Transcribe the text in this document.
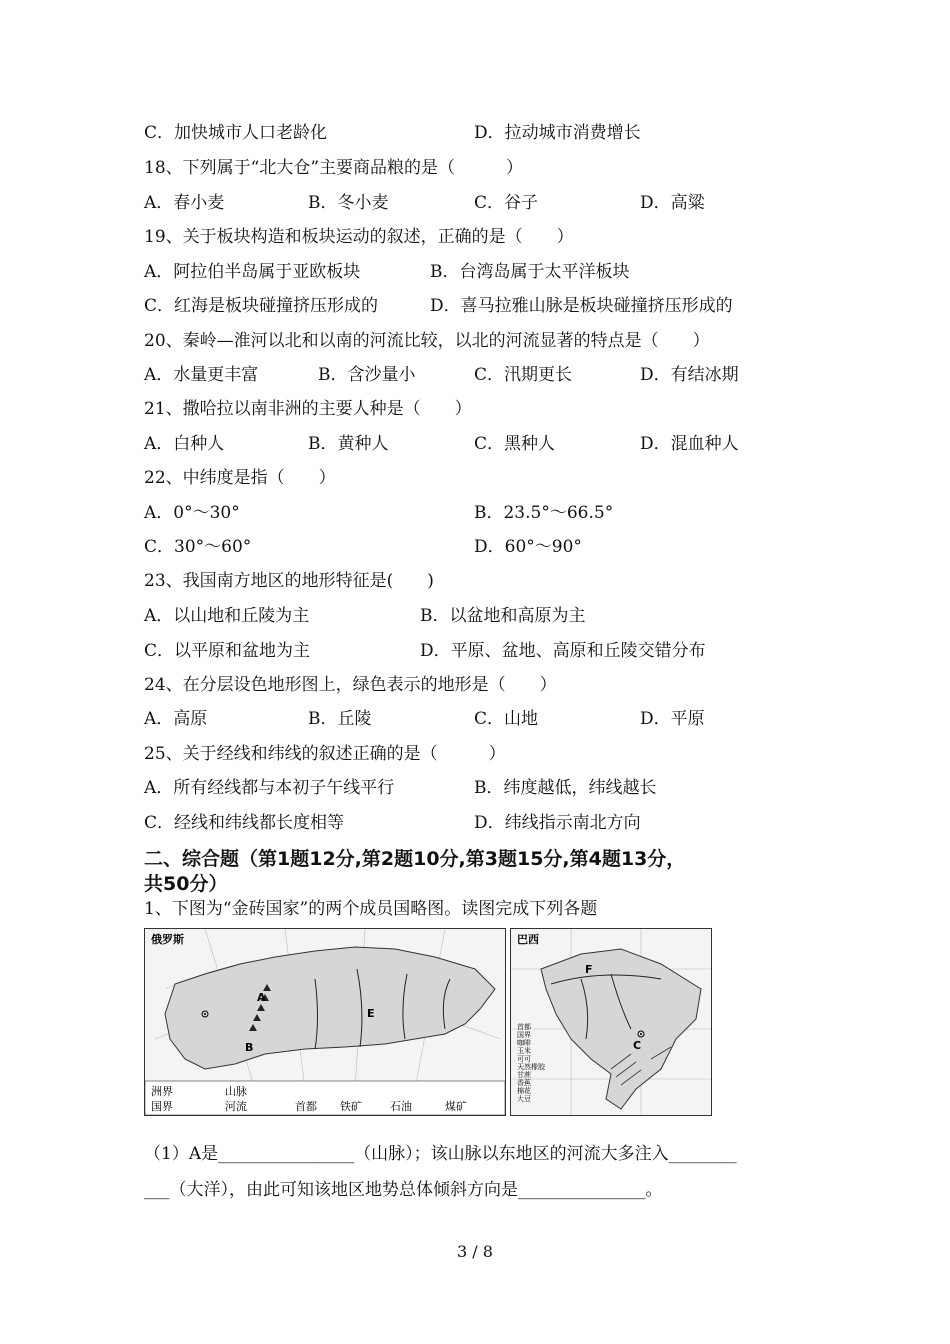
C．加快城市人口老龄化	D．拉动城市消费增长
18、下列属于“北大仓”主要商品粮的是（　　　）
A．春小麦	B．冬小麦	C．谷子	D．高粱
19、关于板块构造和板块运动的叙述，正确的是（　　）
A．阿拉伯半岛属于亚欧板块	B．台湾岛属于太平洋板块
C．红海是板块碰撞挤压形成的	D．喜马拉雅山脉是板块碰撞挤压形成的
20、秦岭—淮河以北和以南的河流比较，以北的河流显著的特点是（　　）
A．水量更丰富	B．含沙量小	C．汛期更长	D．有结冰期
21、撒哈拉以南非洲的主要人种是（　　）
A．白种人	B．黄种人	C．黑种人	D．混血种人
22、中纬度是指（　　）
A．0°～30°	B．23.5°～66.5°
C．30°～60°	D．60°～90°
23、我国南方地区的地形特征是(　　)
A．以山地和丘陵为主	B．以盆地和高原为主
C．以平原和盆地为主	D．平原、盆地、高原和丘陵交错分布
24、在分层设色地形图上，绿色表示的地形是（　　）
A．高原	B．丘陵	C．山地	D．平原
25、关于经线和纬线的叙述正确的是（　　　）
A．所有经线都与本初子午线平行	B．纬度越低，纬线越长
C．经线和纬线都长度相等	D．纬线指示南北方向
二、综合题（第1题12分,第2题10分,第3题15分,第4题13分，
共50分）
1、下图为“金砖国家”的两个成员国略图。读图完成下列各题
俄罗斯
A
B
E
洲界
国界
山脉
河流	首都 铁矿	石油	煤矿
巴西
F
C
首都
国界
咖啡
玉米
可可
天然橡胶
甘蔗
香蕉
棉花
大豆
（1）A是________________（山脉）；该山脉以东地区的河流大多注入________
___（大洋），由此可知该地区地势总体倾斜方向是_______________。
3 / 8
